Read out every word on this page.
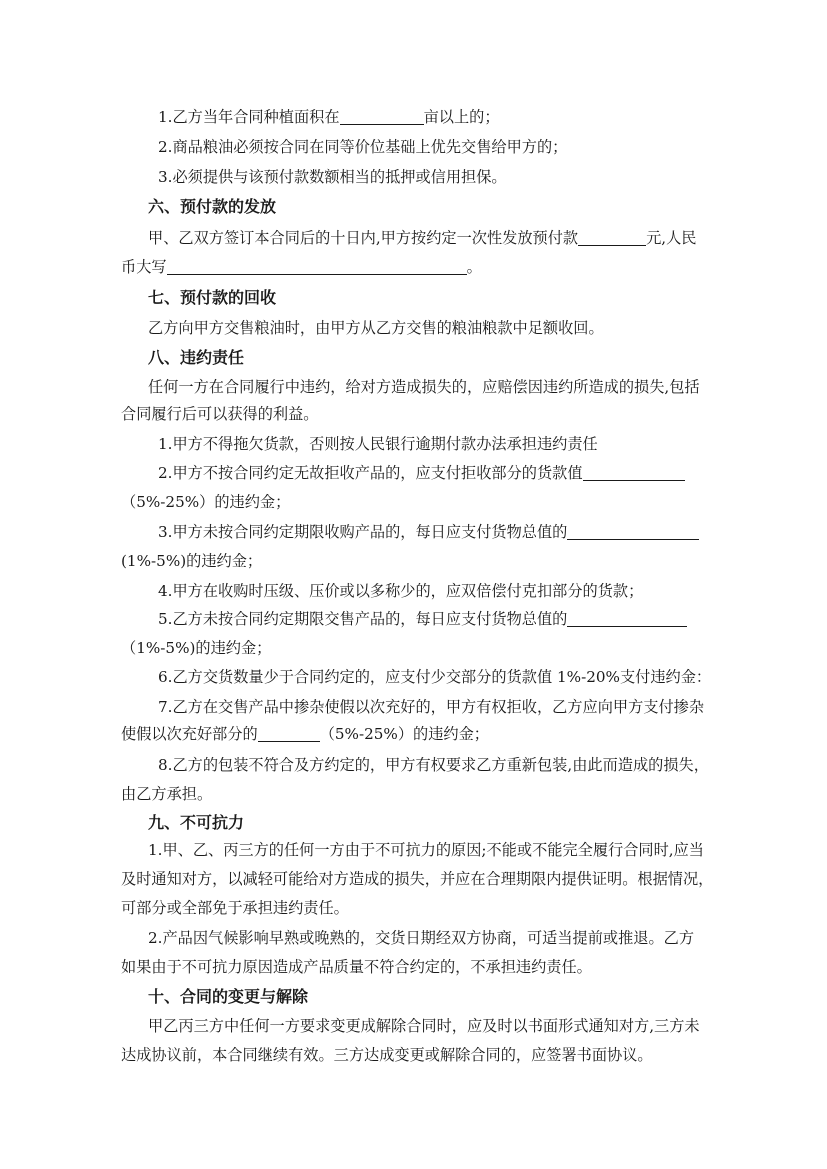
1.乙方当年合同种植面积在	亩以上的；
2.商品粮油必须按合同在同等价位基础上优先交售给甲方的；
3.必须提供与该预付款数额相当的抵押或信用担保。
六、预付款的发放
甲、乙双方签订本合同后的十日内,甲方按约定一次性发放预付款	元,人民
币大写	。
七、预付款的回收
乙方向甲方交售粮油时，由甲方从乙方交售的粮油粮款中足额收回。
八、违约责任
任何一方在合同履行中违约，给对方造成损失的，应赔偿因违约所造成的损失,包括
合同履行后可以获得的利益。
1.甲方不得拖欠货款，否则按人民银行逾期付款办法承担违约责任
2.甲方不按合同约定无故拒收产品的，应支付拒收部分的货款值
（5%-25%）的违约金；
3.甲方未按合同约定期限收购产品的，每日应支付货物总值的
(1%-5%)的违约金；
4.甲方在收购时压级、压价或以多称少的，应双倍偿付克扣部分的货款；
5.乙方未按合同约定期限交售产品的，每日应支付货物总值的
（1%-5%)的违约金；
6.乙方交货数量少于合同约定的，应支付少交部分的货款值 1%-20%支付违约金：
7.乙方在交售产品中掺杂使假以次充好的，甲方有权拒收，乙方应向甲方支付掺杂
使假以次充好部分的	（5%-25%）的违约金；
8.乙方的包装不符合及方约定的，甲方有权要求乙方重新包装,由此而造成的损失，
由乙方承担。
九、不可抗力
1.甲、乙、丙三方的任何一方由于不可抗力的原因;不能或不能完全履行合同时,应当
及时通知对方，以减轻可能给对方造成的损失，并应在合理期限内提供证明。根据情况，
可部分或全部免于承担违约责任。
2.产品因气候影响早熟或晚熟的，交货日期经双方协商，可适当提前或推退。乙方
如果由于不可抗力原因造成产品质量不符合约定的，不承担违约责任。
十、合同的变更与解除
甲乙丙三方中任何一方要求变更成解除合同时，应及时以书面形式通知对方,三方未
达成协议前，本合同继续有效。三方达成变更或解除合同的，应签署书面协议。
